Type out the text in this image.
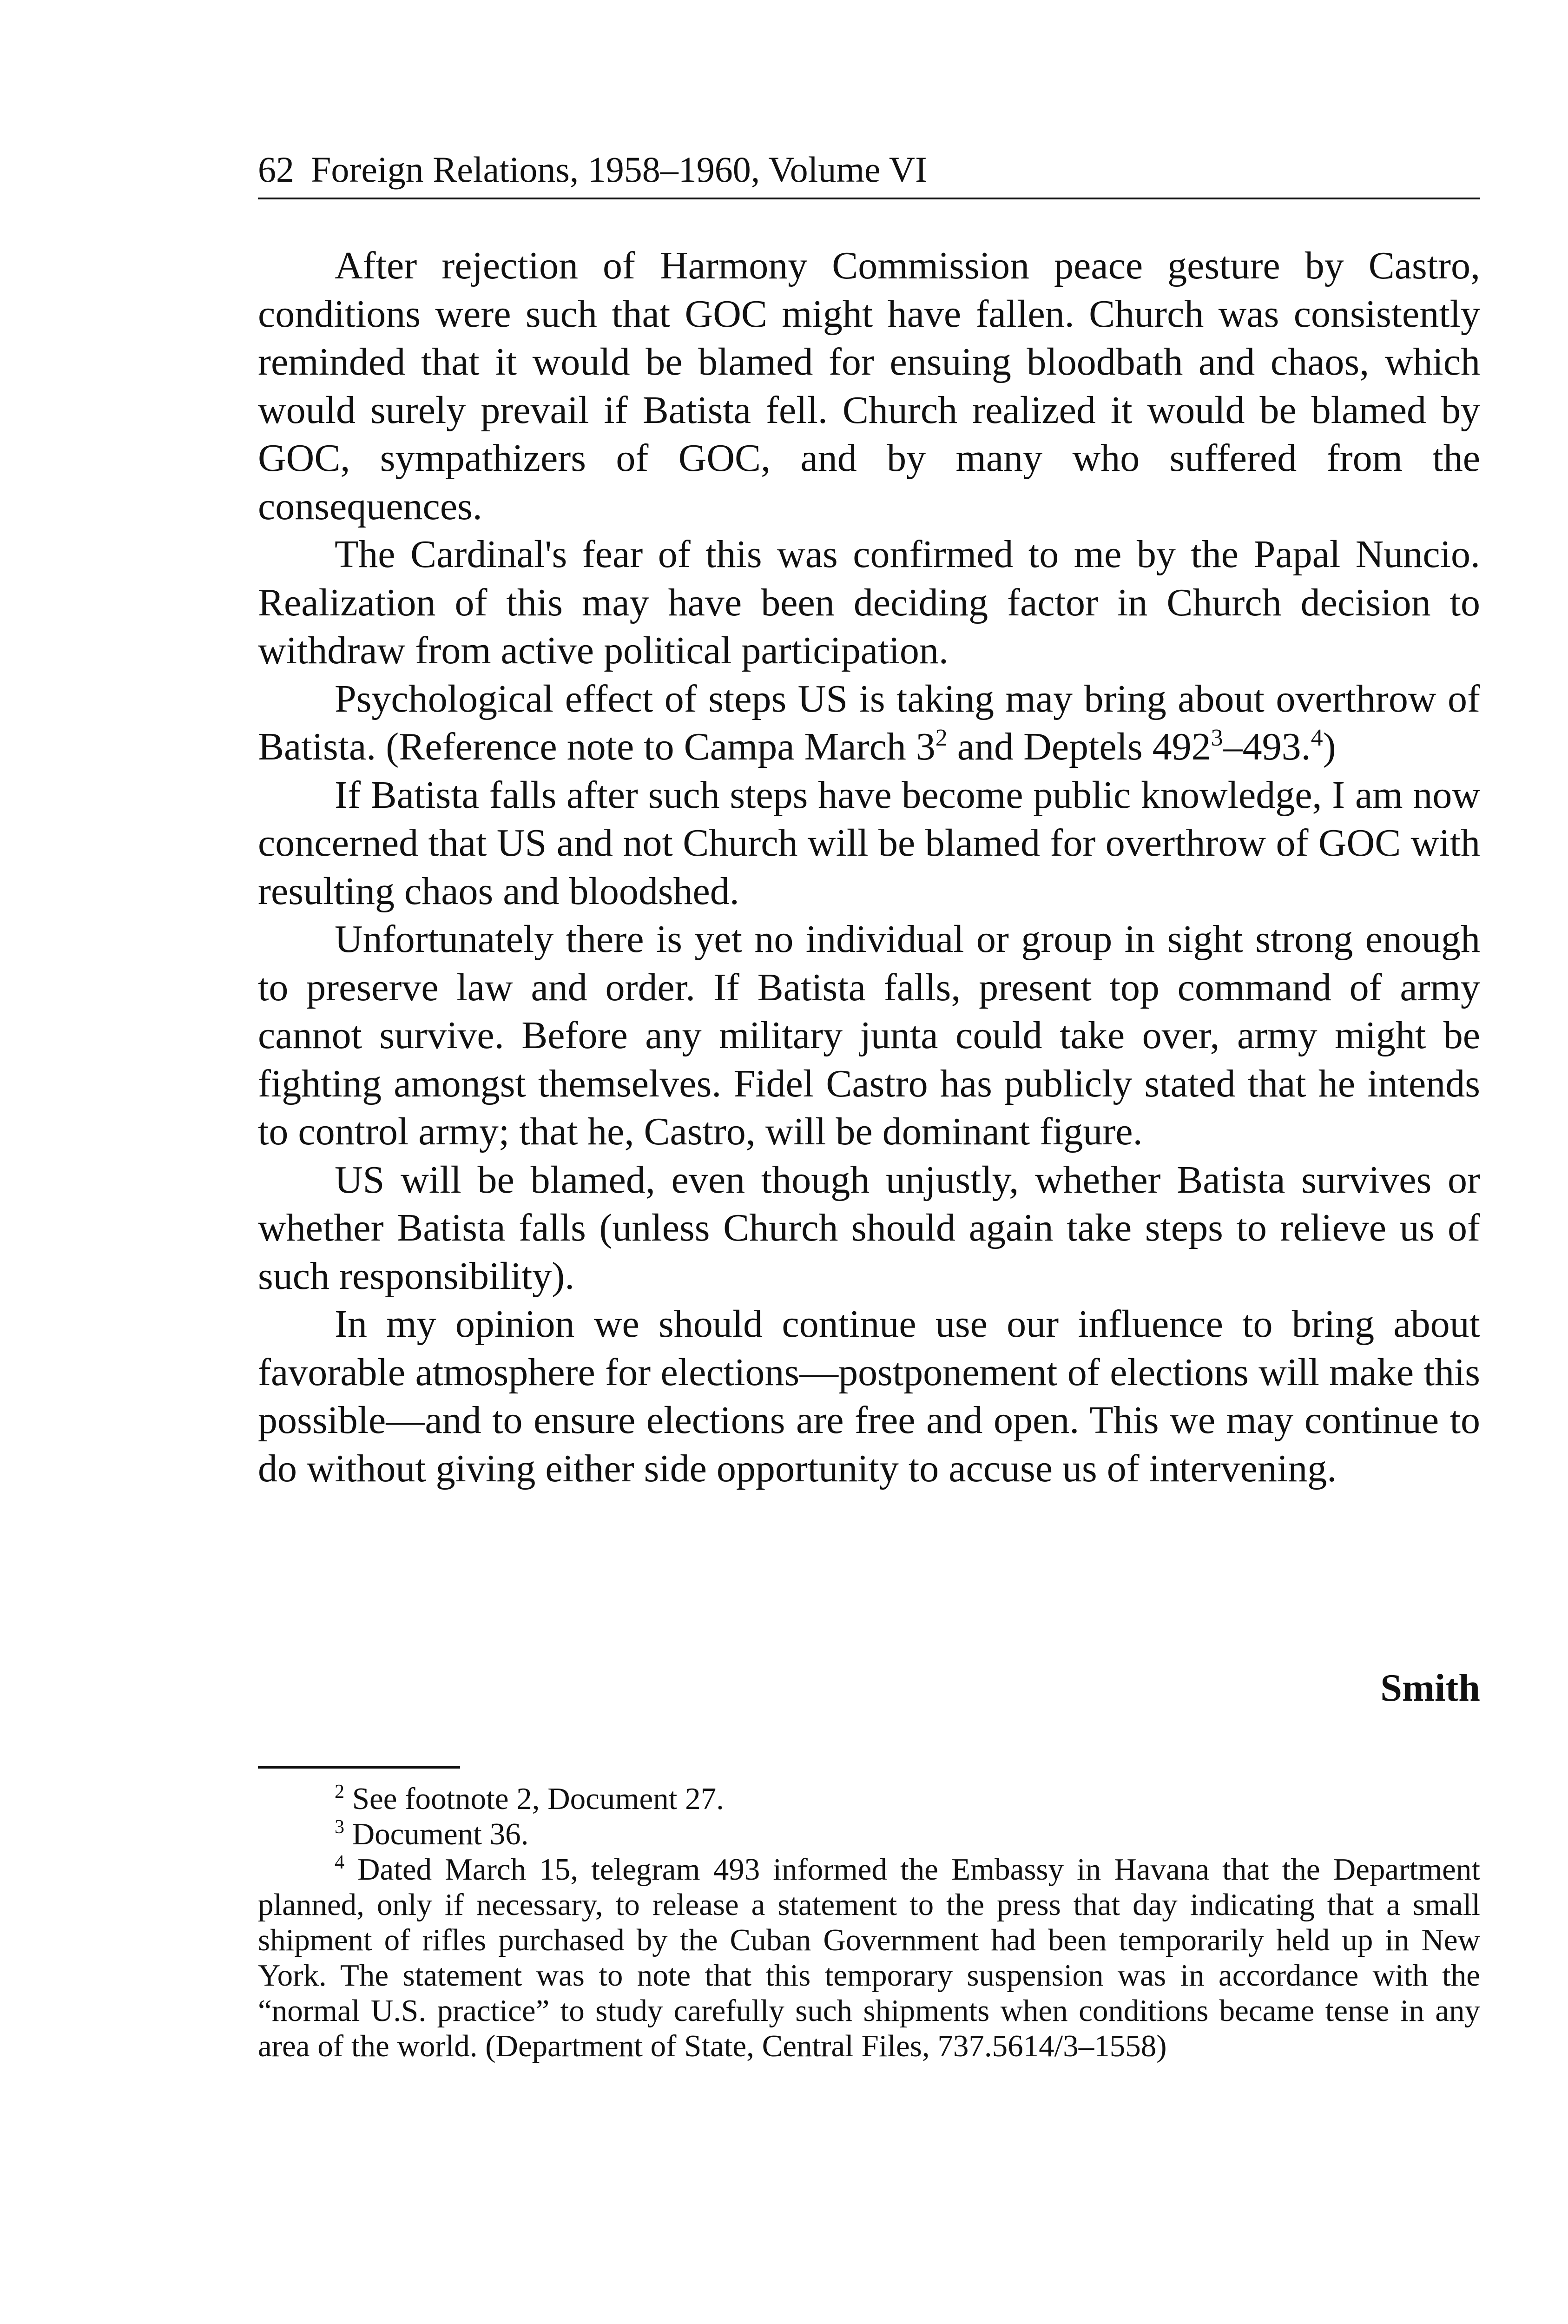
62 Foreign Relations, 1958–1960, Volume VI

After rejection of Harmony Commission peace gesture by Castro, conditions were such that GOC might have fallen. Church was consistently reminded that it would be blamed for ensuing bloodbath and chaos, which would surely prevail if Batista fell. Church realized it would be blamed by GOC, sympathizers of GOC, and by many who suffered from the consequences.

The Cardinal's fear of this was confirmed to me by the Papal Nuncio. Realization of this may have been deciding factor in Church decision to withdraw from active political participation.

Psychological effect of steps US is taking may bring about overthrow of Batista. (Reference note to Campa March $3^2$ and Deptels $492^3-493.^4$)

If Batista falls after such steps have become public knowledge, I am now concerned that US and not Church will be blamed for overthrow of GOC with resulting chaos and bloodshed.

Unfortunately there is yet no individual or group in sight strong enough to preserve law and order. If Batista falls, present top command of army cannot survive. Before any military junta could take over, army might be fighting amongst themselves. Fidel Castro has publicly stated that he intends to control army; that he, Castro, will be dominant figure.

US will be blamed, even though unjustly, whether Batista survives or whether Batista falls (unless Church should again take steps to relieve us of such responsibility).

In my opinion we should continue use our influence to bring about favorable atmosphere for elections—postponement of elections will make this possible—and to ensure elections are free and open. This we may continue to do without giving either side opportunity to accuse us of intervening.

Smith

$^2$ See footnote 2, Document 27.

$^3$ Document 36.

$^4$ Dated March 15, telegram 493 informed the Embassy in Havana that the Department planned, only if necessary, to release a statement to the press that day indicating that a small shipment of rifles purchased by the Cuban Government had been temporarily held up in New York. The statement was to note that this temporary suspension was in accordance with the “normal U.S. practice” to study carefully such shipments when conditions became tense in any area of the world. (Department of State, Central Files, 737.5614/3–1558)
